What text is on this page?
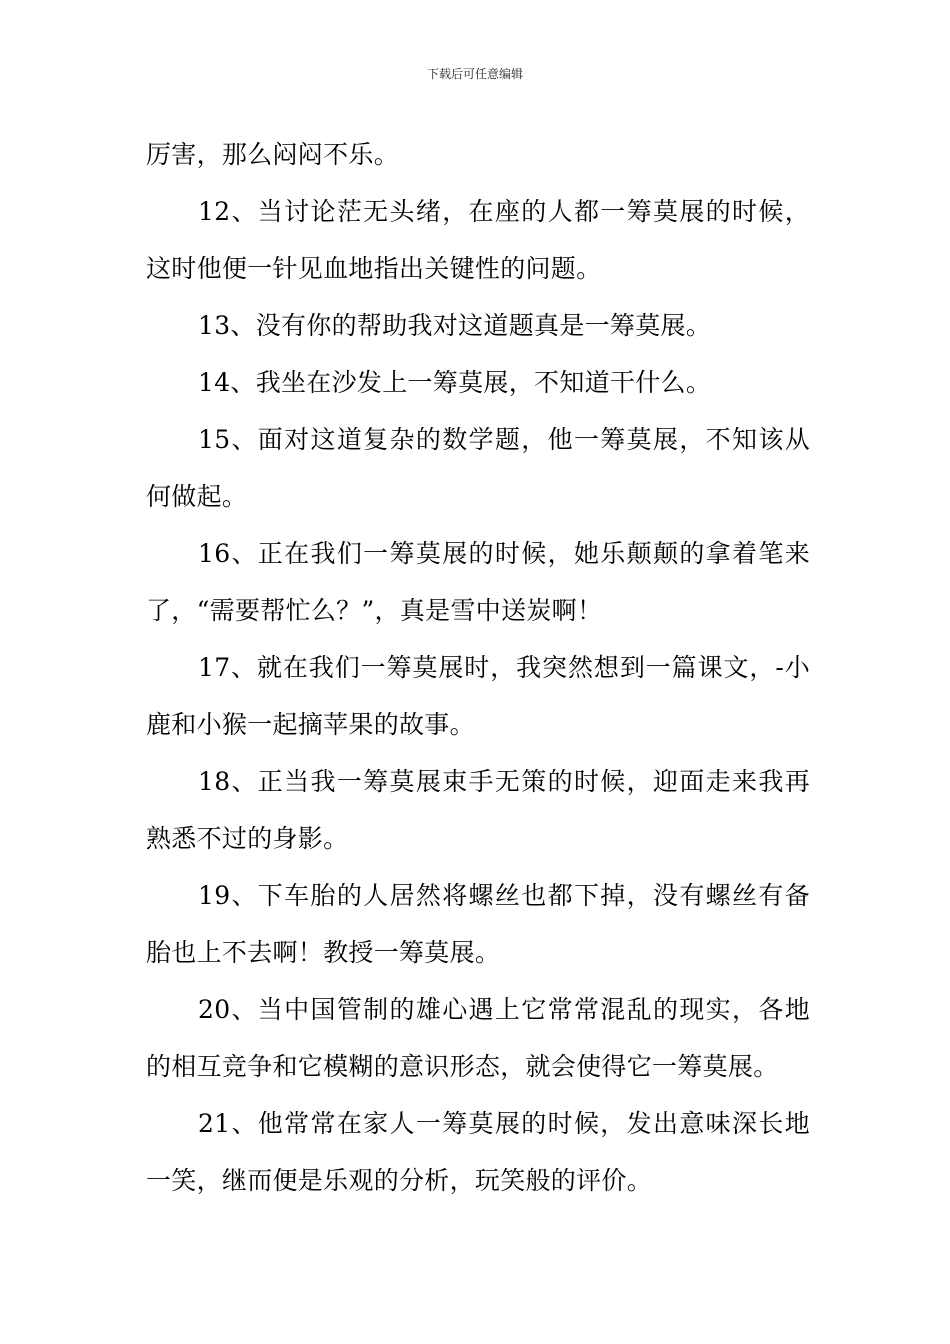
下载后可任意编辑

厉害，那么闷闷不乐。

12、当讨论茫无头绪，在座的人都一筹莫展的时候，这时他便一针见血地指出关键性的问题。

13、没有你的帮助我对这道题真是一筹莫展。

14、我坐在沙发上一筹莫展，不知道干什么。

15、面对这道复杂的数学题，他一筹莫展，不知该从何做起。

16、正在我们一筹莫展的时候，她乐颠颠的拿着笔来了，“需要帮忙么？”，真是雪中送炭啊！

17、就在我们一筹莫展时，我突然想到一篇课文，-小鹿和小猴一起摘苹果的故事。

18、正当我一筹莫展束手无策的时候，迎面走来我再熟悉不过的身影。

19、下车胎的人居然将螺丝也都下掉，没有螺丝有备胎也上不去啊！教授一筹莫展。

20、当中国管制的雄心遇上它常常混乱的现实，各地的相互竞争和它模糊的意识形态，就会使得它一筹莫展。

21、他常常在家人一筹莫展的时候，发出意味深长地一笑，继而便是乐观的分析，玩笑般的评价。
